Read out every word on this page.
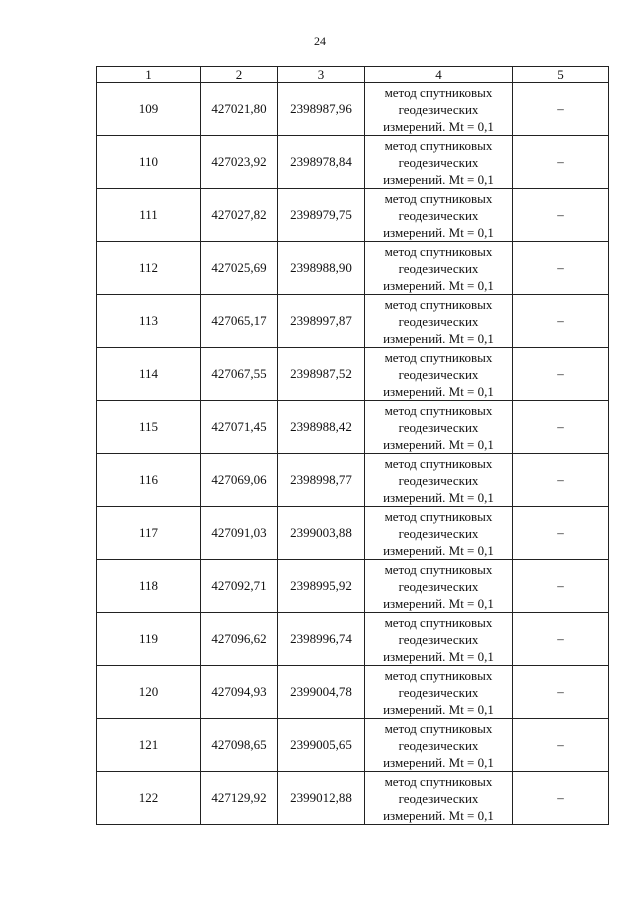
24
1	2	3	4	5
109	427021,80	2398987,96	метод спутниковых
геодезических
измерений. Mt = 0,1	–
110	427023,92	2398978,84	метод спутниковых
геодезических
измерений. Mt = 0,1	–
111	427027,82	2398979,75	метод спутниковых
геодезических
измерений. Mt = 0,1	–
112	427025,69	2398988,90	метод спутниковых
геодезических
измерений. Mt = 0,1	–
113	427065,17	2398997,87	метод спутниковых
геодезических
измерений. Mt = 0,1	–
114	427067,55	2398987,52	метод спутниковых
геодезических
измерений. Mt = 0,1	–
115	427071,45	2398988,42	метод спутниковых
геодезических
измерений. Mt = 0,1	–
116	427069,06	2398998,77	метод спутниковых
геодезических
измерений. Mt = 0,1	–
117	427091,03	2399003,88	метод спутниковых
геодезических
измерений. Mt = 0,1	–
118	427092,71	2398995,92	метод спутниковых
геодезических
измерений. Mt = 0,1	–
119	427096,62	2398996,74	метод спутниковых
геодезических
измерений. Mt = 0,1	–
120	427094,93	2399004,78	метод спутниковых
геодезических
измерений. Mt = 0,1	–
121	427098,65	2399005,65	метод спутниковых
геодезических
измерений. Mt = 0,1	–
122	427129,92	2399012,88	метод спутниковых
геодезических
измерений. Mt = 0,1	–
